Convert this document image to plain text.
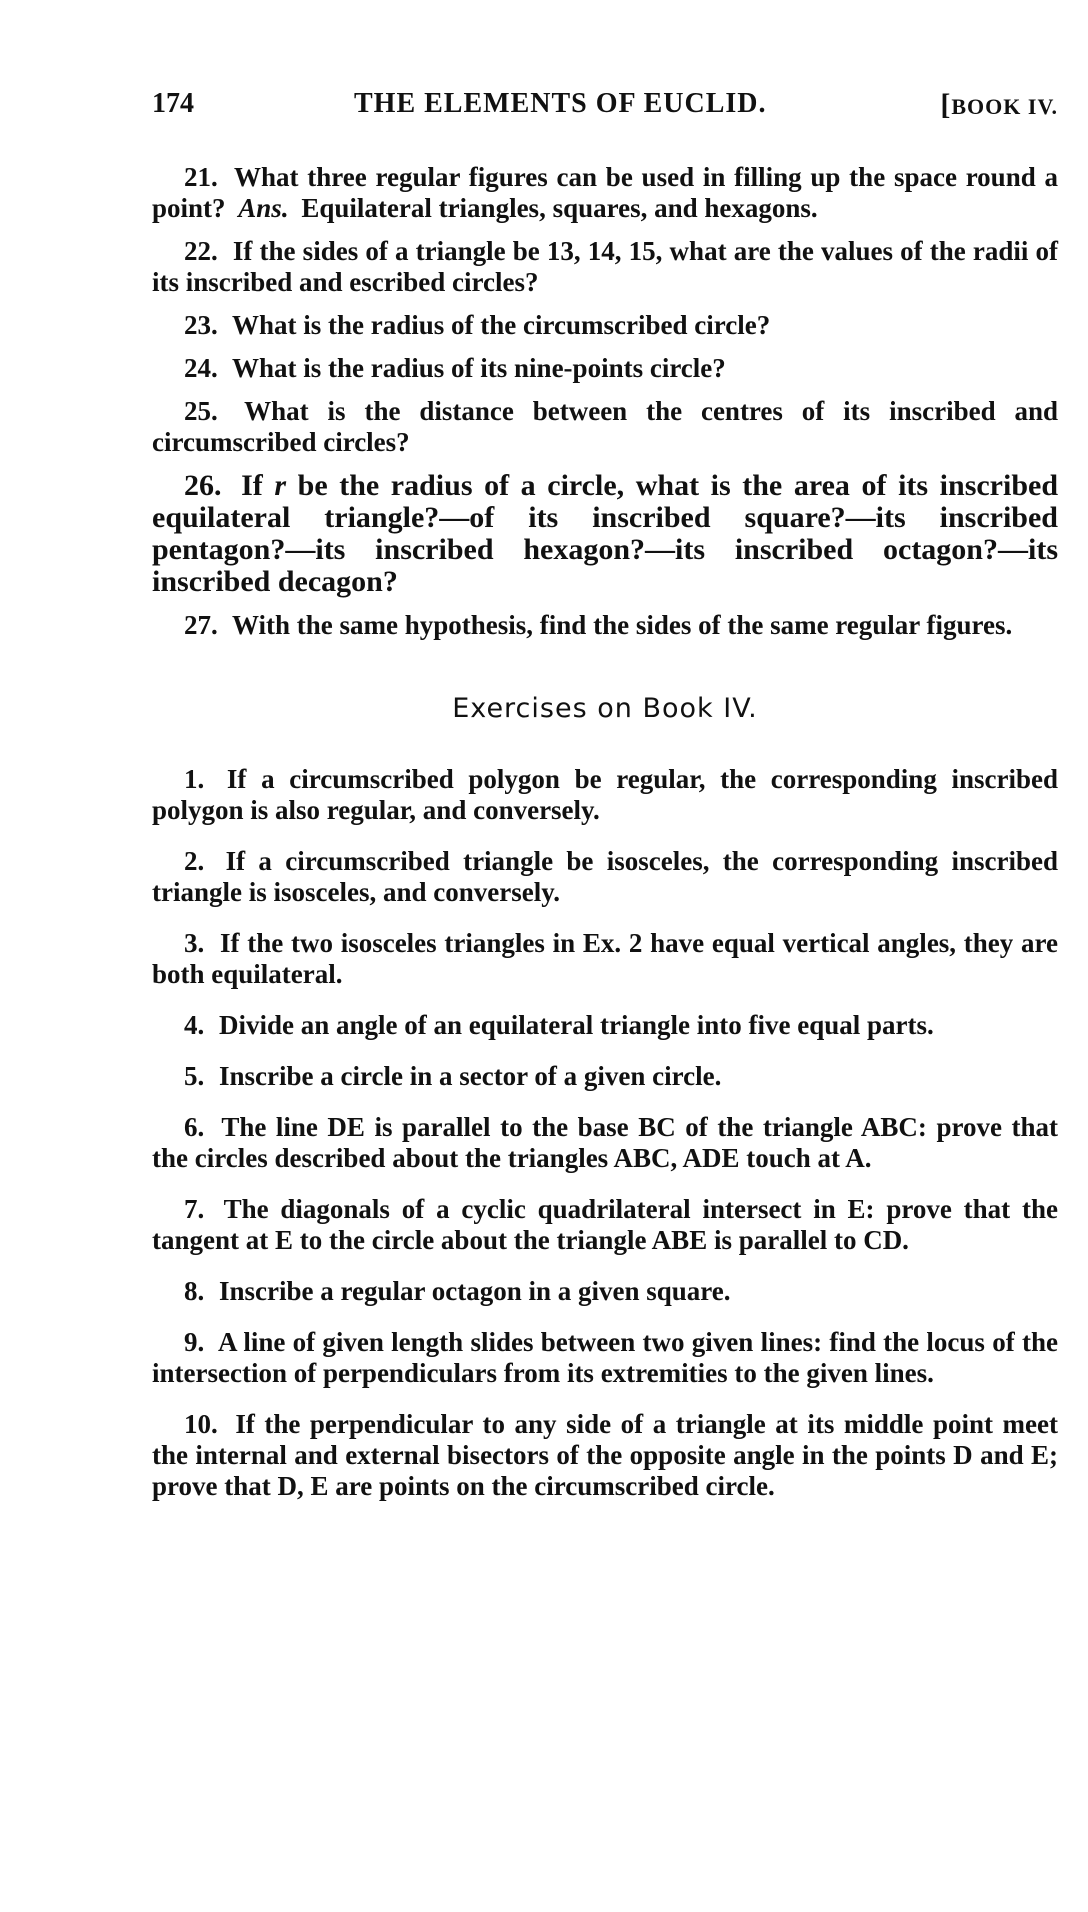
174	THE ELEMENTS OF EUCLID.	[BOOK IV.

21. What three regular figures can be used in filling up the space round a point? Ans. Equilateral triangles, squares, and hexagons.

22. If the sides of a triangle be 13, 14, 15, what are the values of the radii of its inscribed and escribed circles?

23. What is the radius of the circumscribed circle?

24. What is the radius of its nine-points circle?

25. What is the distance between the centres of its inscribed and circumscribed circles?

26. If r be the radius of a circle, what is the area of its inscribed equilateral triangle?—of its inscribed square?—its inscribed pentagon?—its inscribed hexagon?—its inscribed octagon?—its inscribed decagon?

27. With the same hypothesis, find the sides of the same regular figures.

Exercises on Book IV.

1. If a circumscribed polygon be regular, the corresponding inscribed polygon is also regular, and conversely.

2. If a circumscribed triangle be isosceles, the corresponding inscribed triangle is isosceles, and conversely.

3. If the two isosceles triangles in Ex. 2 have equal vertical angles, they are both equilateral.

4. Divide an angle of an equilateral triangle into five equal parts.

5. Inscribe a circle in a sector of a given circle.

6. The line DE is parallel to the base BC of the triangle ABC: prove that the circles described about the triangles ABC, ADE touch at A.

7. The diagonals of a cyclic quadrilateral intersect in E: prove that the tangent at E to the circle about the triangle ABE is parallel to CD.

8. Inscribe a regular octagon in a given square.

9. A line of given length slides between two given lines: find the locus of the intersection of perpendiculars from its extremities to the given lines.

10. If the perpendicular to any side of a triangle at its middle point meet the internal and external bisectors of the opposite angle in the points D and E; prove that D, E are points on the circumscribed circle.
